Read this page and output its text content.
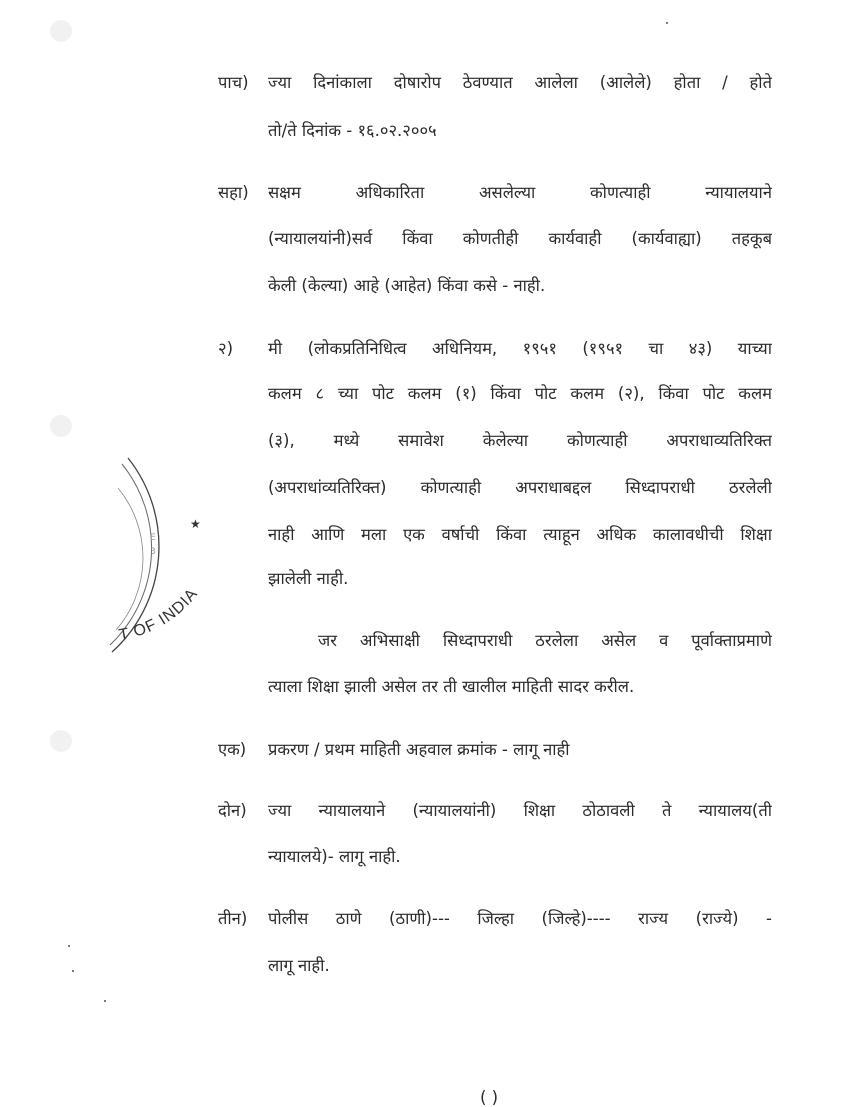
★
T OF INDIA
E
3
पाच) ज्या दिनांकाला दोषारोप ठेवण्यात आलेला (आलेले) होता / होते
तो/ते दिनांक - १६.०२.२००५
सहा) सक्षम अधिकारिता असलेल्या कोणत्याही न्यायालयाने
(न्यायालयांनी)सर्व किंवा कोणतीही कार्यवाही (कार्यवाह्या) तहकूब
केली (केल्या) आहे (आहेत) किंवा कसे - नाही.
२) मी (लोकप्रतिनिधित्व अधिनियम, १९५१ (१९५१ चा ४३) याच्या
कलम ८ च्या पोट कलम (१) किंवा पोट कलम (२), किंवा पोट कलम
(३), मध्ये समावेश केलेल्या कोणत्याही अपराधाव्यतिरिक्त
(अपराधांव्यतिरिक्त) कोणत्याही अपराधाबद्दल सिध्दापराधी ठरलेली
नाही आणि मला एक वर्षाची किंवा त्याहून अधिक कालावधीची शिक्षा
झालेली नाही.
जर अभिसाक्षी सिध्दापराधी ठरलेला असेल व पूर्वाक्ताप्रमाणे
त्याला शिक्षा झाली असेल तर ती खालील माहिती सादर करील.
एक) प्रकरण / प्रथम माहिती अहवाल क्रमांक - लागू नाही
दोन) ज्या न्यायालयाने (न्यायालयांनी) शिक्षा ठोठावली ते न्यायालय(ती
न्यायालये)- लागू नाही.
तीन) पोलीस ठाणे (ठाणी)--- जिल्हा (जिल्हे)---- राज्य (राज्ये) -
लागू नाही.
( )
